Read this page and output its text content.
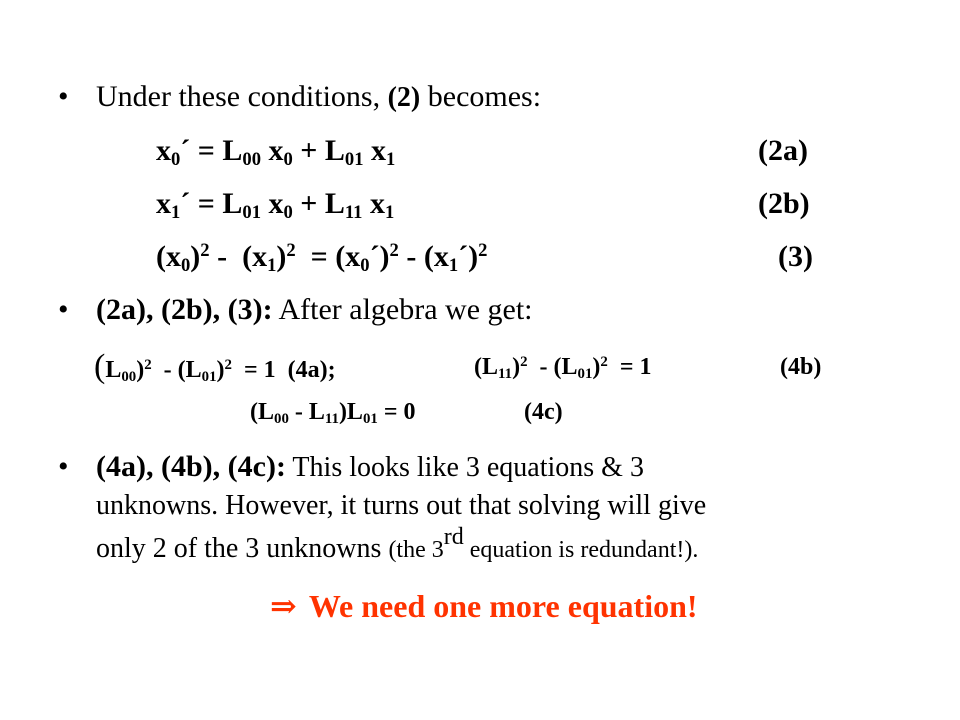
• Under these conditions, (2) becomes:
$x_0´ = L_{00}$ $x_0 + L_{01}$ $x_1$	(2a)
$x_1´ = L_{01}$ $x_0 + L_{11}$ $x_1$	(2b)
$(x_0)^2 - (x_1)^2$  = $(x_0´)^2$ - $(x_1´)^2$	(3)
• (2a), (2b), (3): After algebra we get:
$(L_{00})^2 - (L_{01})^2 = 1$  (4a);	$(L_{11})^2 - (L_{01})^2 = 1$	(4b)
$(L_{00} - L_{11})L_{01} = 0$	(4c)
• (4a), (4b), (4c): This looks like 3 equations & 3
unknowns. However, it turns out that solving will give
only 2 of the 3 unknowns (the 3rd equation is redundant!).
⇒ We need one more equation!
